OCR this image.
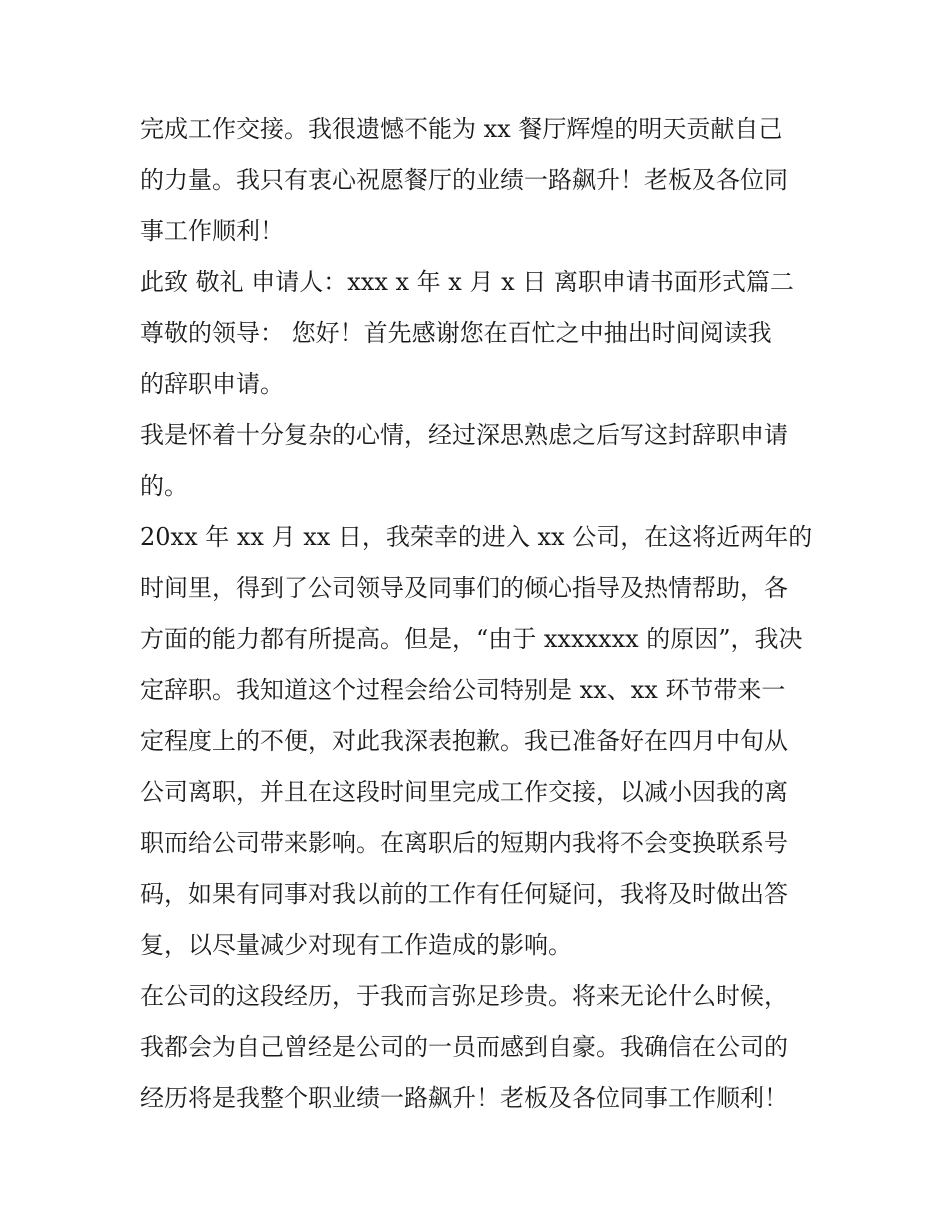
完成工作交接。我很遗憾不能为 xx 餐厅辉煌的明天贡献自己
的力量。我只有衷心祝愿餐厅的业绩一路飙升！老板及各位同
事工作顺利！

此致 敬礼 申请人：xxx x 年 x 月 x 日 离职申请书面形式篇二

尊敬的领导： 您好！首先感谢您在百忙之中抽出时间阅读我
的辞职申请。

我是怀着十分复杂的心情，经过深思熟虑之后写这封辞职申请
的。

20xx 年 xx 月 xx 日，我荣幸的进入 xx 公司，在这将近两年的
时间里，得到了公司领导及同事们的倾心指导及热情帮助，各
方面的能力都有所提高。但是，“由于 xxxxxxx 的原因”，我决
定辞职。我知道这个过程会给公司特别是 xx、xx 环节带来一
定程度上的不便，对此我深表抱歉。我已准备好在四月中旬从
公司离职，并且在这段时间里完成工作交接，以减小因我的离
职而给公司带来影响。在离职后的短期内我将不会变换联系号
码，如果有同事对我以前的工作有任何疑问，我将及时做出答
复，以尽量减少对现有工作造成的影响。

在公司的这段经历，于我而言弥足珍贵。将来无论什么时候，
我都会为自己曾经是公司的一员而感到自豪。我确信在公司的
经历将是我整个职业绩一路飙升！老板及各位同事工作顺利！
